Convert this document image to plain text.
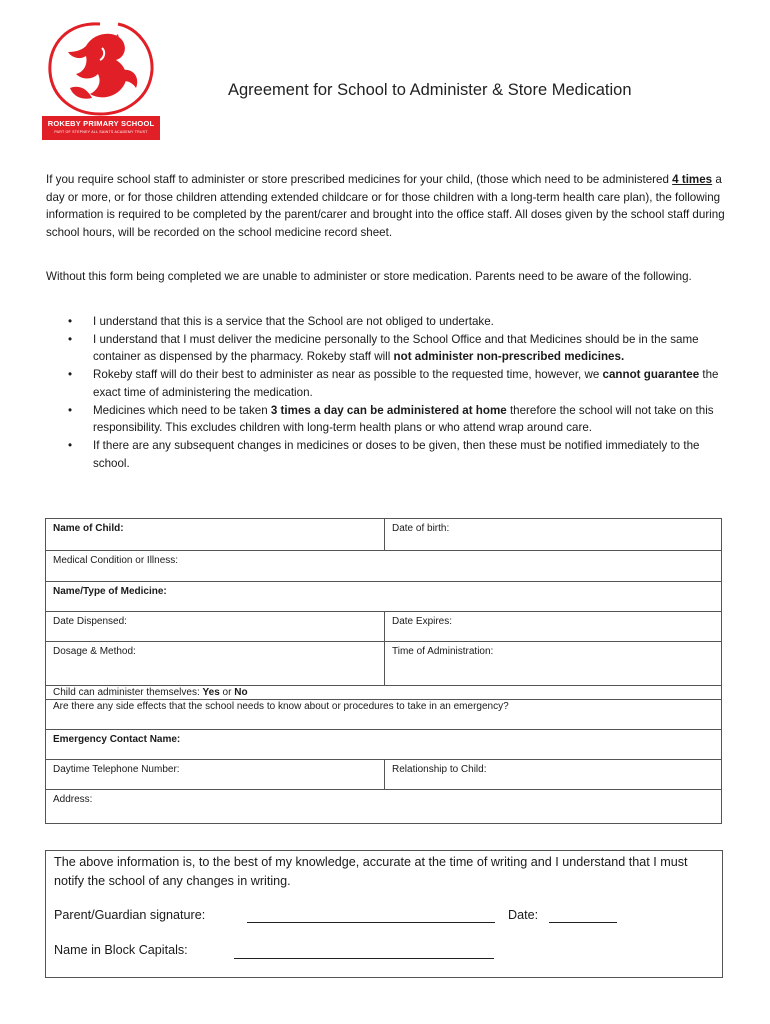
ROKEBY PRIMARY SCHOOL
PART OF STEPNEY ALL SAINTS ACADEMY TRUST
Agreement for School to Administer & Store Medication

If you require school staff to administer or store prescribed medicines for your child, (those which need to be administered 4 times a day or more, or for those children attending extended childcare or for those children with a long-term health care plan), the following information is required to be completed by the parent/carer and brought into the office staff. All doses given by the school staff during school hours, will be recorded on the school medicine record sheet.

Without this form being completed we are unable to administer or store medication. Parents need to be aware of the following.

• I understand that this is a service that the School are not obliged to undertake.
• I understand that I must deliver the medicine personally to the School Office and that Medicines should be in the same container as dispensed by the pharmacy. Rokeby staff will not administer non-prescribed medicines.
• Rokeby staff will do their best to administer as near as possible to the requested time, however, we cannot guarantee the exact time of administering the medication.
• Medicines which need to be taken 3 times a day can be administered at home therefore the school will not take on this responsibility. This excludes children with long-term health plans or who attend wrap around care.
• If there are any subsequent changes in medicines or doses to be given, then these must be notified immediately to the school.
Name of Child:	Date of birth:
Medical Condition or Illness:	
Name/Type of Medicine:	
Date Dispensed:	Date Expires:
Dosage & Method:	Time of Administration:
Child can administer themselves: Yes or No	
Are there any side effects that the school needs to know about or procedures to take in an emergency?	
Emergency Contact Name:	
Daytime Telephone Number:	Relationship to Child:
Address:	

The above information is, to the best of my knowledge, accurate at the time of writing and I understand that I must notify the school of any changes in writing.

Parent/Guardian signature:	Date:
Name in Block Capitals:
